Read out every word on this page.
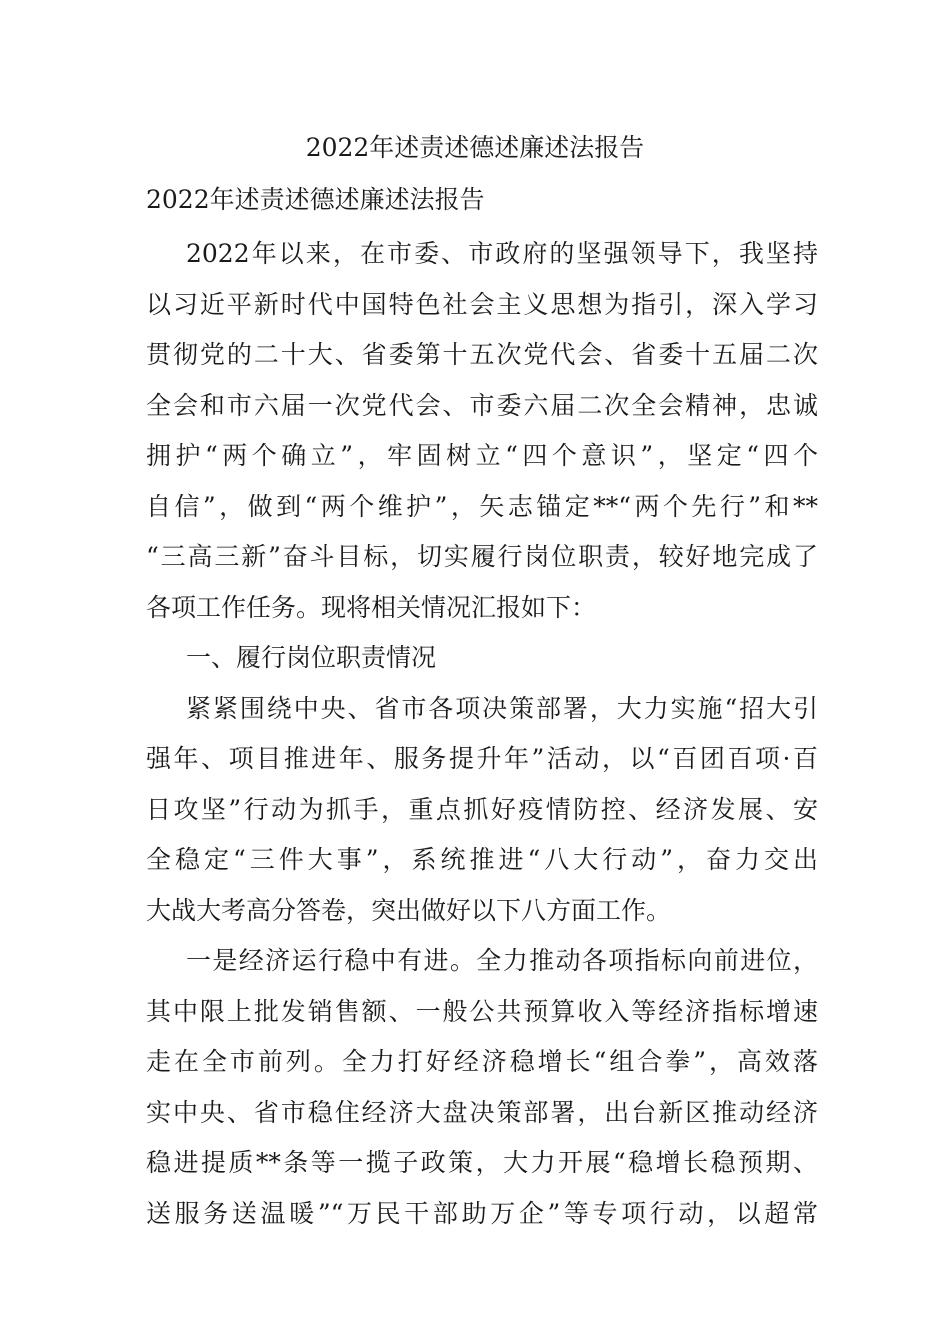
2022年述责述德述廉述法报告
2022年述责述德述廉述法报告
2022年以来，在市委、市政府的坚强领导下，我坚持
以习近平新时代中国特色社会主义思想为指引，深入学习
贯彻党的二十大、省委第十五次党代会、省委十五届二次
全会和市六届一次党代会、市委六届二次全会精神，忠诚
拥护“两个确立”，牢固树立“四个意识”，坚定“四个
自信”，做到“两个维护”，矢志锚定**“两个先行”和**
“三高三新”奋斗目标，切实履行岗位职责，较好地完成了
各项工作任务。现将相关情况汇报如下：
一、履行岗位职责情况
紧紧围绕中央、省市各项决策部署，大力实施“招大引
强年、项目推进年、服务提升年”活动，以“百团百项·百
日攻坚”行动为抓手，重点抓好疫情防控、经济发展、安
全稳定“三件大事”，系统推进“八大行动”，奋力交出
大战大考高分答卷，突出做好以下八方面工作。
一是经济运行稳中有进。全力推动各项指标向前进位，
其中限上批发销售额、一般公共预算收入等经济指标增速
走在全市前列。全力打好经济稳增长“组合拳”，高效落
实中央、省市稳住经济大盘决策部署，出台新区推动经济
稳进提质**条等一揽子政策，大力开展“稳增长稳预期、
送服务送温暖”“万民干部助万企”等专项行动，以超常
